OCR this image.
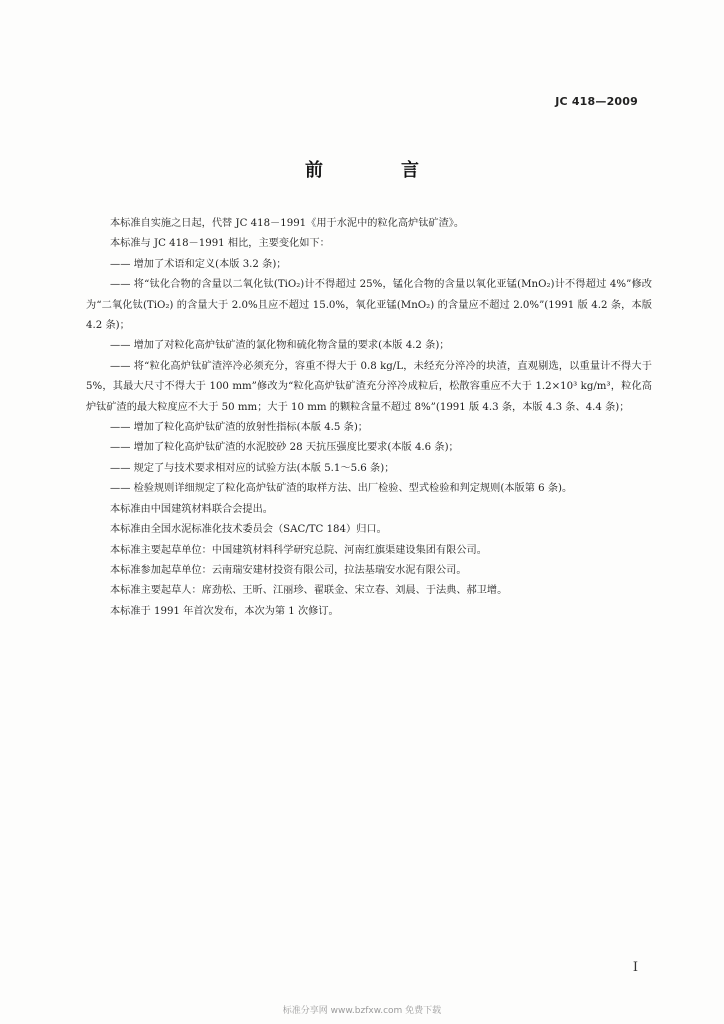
JC 418—2009
前　言

本标准自实施之日起，代替 JC 418－1991《用于水泥中的粒化高炉钛矿渣》。

本标准与 JC 418－1991 相比，主要变化如下：

—— 增加了术语和定义(本版 3.2 条)；

—— 将“钛化合物的含量以二氧化钛(TiO₂)计不得超过 25%，锰化合物的含量以氧化亚锰(MnO₂)计不得超过 4%”修改为“二氧化钛(TiO₂) 的含量大于 2.0%且应不超过 15.0%，氧化亚锰(MnO₂) 的含量应不超过 2.0%”(1991 版 4.2 条，本版 4.2 条)；

—— 增加了对粒化高炉钛矿渣的氯化物和硫化物含量的要求(本版 4.2 条)；

—— 将“粒化高炉钛矿渣淬冷必须充分，容重不得大于 0.8 kg/L，未经充分淬冷的块渣，直观剔选，以重量计不得大于 5%，其最大尺寸不得大于 100 mm”修改为“粒化高炉钛矿渣充分淬冷成粒后，松散容重应不大于 1.2×10³ kg/m³，粒化高炉钛矿渣的最大粒度应不大于 50 mm；大于 10 mm 的颗粒含量不超过 8%”(1991 版 4.3 条，本版 4.3 条、4.4 条)；

—— 增加了粒化高炉钛矿渣的放射性指标(本版 4.5 条)；

—— 增加了粒化高炉钛矿渣的水泥胶砂 28 天抗压强度比要求(本版 4.6 条)；

—— 规定了与技术要求相对应的试验方法(本版 5.1～5.6 条)；

—— 检验规则详细规定了粒化高炉钛矿渣的取样方法、出厂检验、型式检验和判定规则(本版第 6 条)。

本标准由中国建筑材料联合会提出。

本标准由全国水泥标准化技术委员会（SAC/TC 184）归口。

本标准主要起草单位：中国建筑材料科学研究总院、河南红旗渠建设集团有限公司。

本标准参加起草单位：云南瑞安建材投资有限公司，拉法基瑞安水泥有限公司。

本标准主要起草人：席劲松、王昕、江丽珍、翟联金、宋立春、刘晨、于法典、郝卫增。

本标准于 1991 年首次发布，本次为第 1 次修订。

I
标准分享网 www.bzfxw.com 免费下载
